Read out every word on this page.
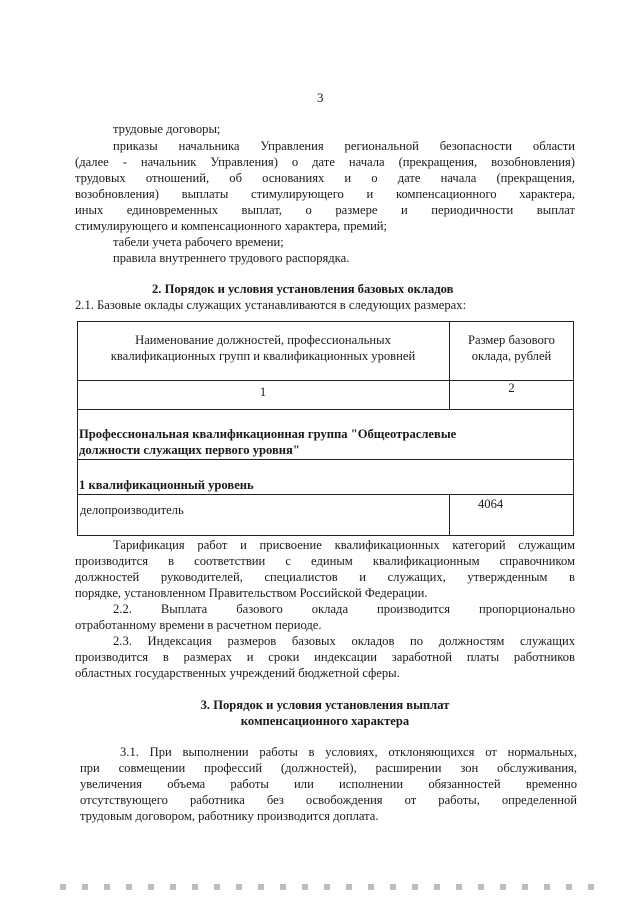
3
трудовые договоры;
приказы начальника Управления региональной безопасности области
(далее - начальник Управления) о дате начала (прекращения, возобновления)
трудовых отношений, об основаниях и о дате начала (прекращения,
возобновления) выплаты стимулирующего и компенсационного характера,
иных единовременных выплат, о размере и периодичности выплат
стимулирующего и компенсационного характера, премий;
табели учета рабочего времени;
правила внутреннего трудового распорядка.
2. Порядок и условия установления базовых окладов
2.1. Базовые оклады служащих устанавливаются в следующих размерах:
Наименование должностей, профессиональных
квалификационных групп и квалификационных уровней
Размер базового
оклада, рублей
1	2
Профессиональная квалификационная группа "Общеотраслевые
должности служащих первого уровня"
1 квалификационный уровень
делопроизводитель	4064
Тарификация работ и присвоение квалификационных категорий служащим
производится в соответствии с единым квалификационным справочником
должностей руководителей, специалистов и служащих, утвержденным в
порядке, установленном Правительством Российской Федерации.
2.2. Выплата базового оклада производится пропорционально
отработанному времени в расчетном периоде.
2.3. Индексация размеров базовых окладов по должностям служащих
производится в размерах и сроки индексации заработной платы работников
областных государственных учреждений бюджетной сферы.
3. Порядок и условия установления выплат
компенсационного характера
3.1. При выполнении работы в условиях, отклоняющихся от нормальных,
при совмещении профессий (должностей), расширении зон обслуживания,
увеличения объема работы или исполнении обязанностей временно
отсутствующего работника без освобождения от работы, определенной
трудовым договором, работнику производится доплата.
